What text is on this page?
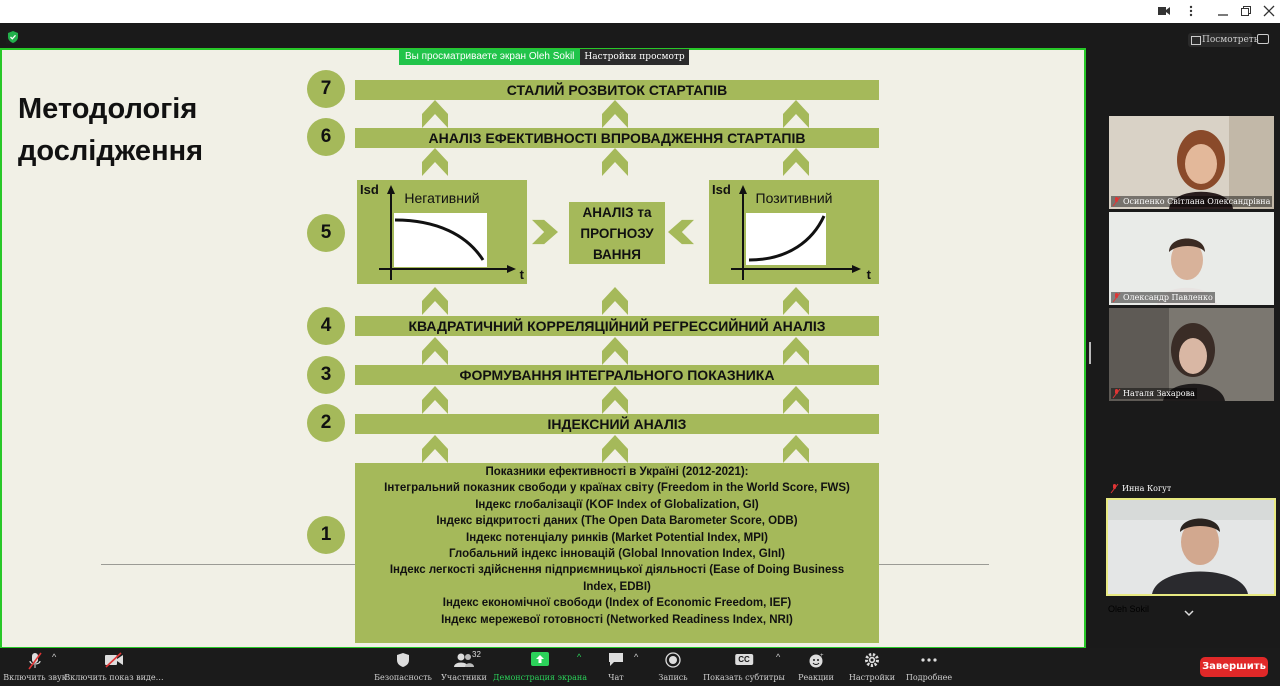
Посмотреть
Методологія дослідження
7
6
5
4
3
2
1
СТАЛИЙ РОЗВИТОК СТАРТАПІВ
АНАЛІЗ ЕФЕКТИВНОСТІ ВПРОВАДЖЕННЯ СТАРТАПІВ
КВАДРАТИЧНИЙ КОРРЕЛЯЦІЙНИЙ РЕГРЕССИЙНИЙ АНАЛІЗ
ФОРМУВАННЯ ІНТЕГРАЛЬНОГО ПОКАЗНИКА
ІНДЕКСНИЙ АНАЛІЗ
Isd
Негативний
t
Isd
Позитивний
t
АНАЛІЗ та ПРОГНОЗУ ВАННЯ
Показники ефективності в Україні (2012-2021):
Інтегральний показник свободи у країнах світу (Freedom in the World Score, FWS)
Індекс глобалізації (KOF Index of Globalization, GI)
Індекс відкритості даних (The Open Data Barometer Score, ODB)
Індекс потенціалу ринків (Market Potential Index, MPI)
Глобальний індекс інновацій (Global Innovation Index, GInI)
Індекс легкості здійснення підприємницької діяльності (Ease of Doing Business Index, EDBI)
Індекс економічної свободи (Index of Economic Freedom, IEF)
Індекс мережевої готовності (Networked Readiness Index, NRI)
Вы просматриваете экран Oleh Sokil	Настройки просмотр
Осипенко Світлана Олександрівна
Олександр Павленко
Наталя Захарова
Инна Когут
Oleh Sokil
Включить звук
^
Включить показ виде…	Безопасность
32
Участники Демонстрация экрана
^
Чат
^
Запись
CC
Показать субтитры
^	+
Реакции Настройки Подробнее
Завершить
